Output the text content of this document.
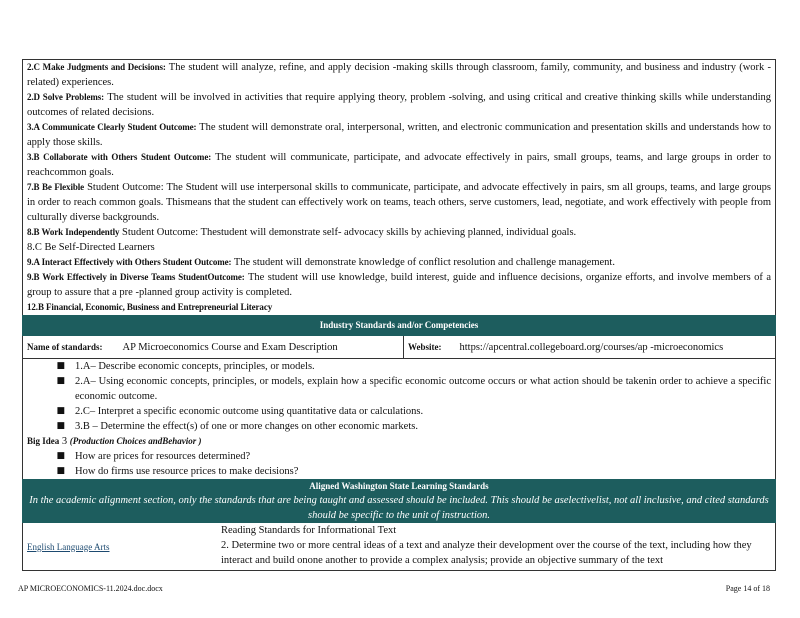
2.C Make Judgments and Decisions: The student will analyze, refine, and apply decision -making skills through classroom, family, community, and business and industry (work -related) experiences.
2.D Solve Problems: The student will be involved in activities that require applying theory, problem -solving, and using critical and creative thinking skills while understanding outcomes of related decisions.
3.A Communicate Clearly Student Outcome: The student will demonstrate oral, interpersonal, written, and electronic communication and presentation skills and understands how to apply those skills.
3.B Collaborate with Others Student Outcome: The student will communicate, participate, and advocate effectively in pairs, small groups, teams, and large groups in order to reachcommon goals.
7.B Be Flexible Student Outcome: The Student will use interpersonal skills to communicate, participate, and advocate effectively in pairs, sm all groups, teams, and large groups in order to reach common goals. Thismeans that the student can effectively work on teams, teach others, serve customers, lead, negotiate, and work effectively with people from culturally diverse backgrounds.
8.B Work Independently Student Outcome: Thestudent will demonstrate self- advocacy skills by achieving planned, individual goals.
8.C Be Self-Directed Learners
9.A Interact Effectively with Others Student Outcome: The student will demonstrate knowledge of conflict resolution and challenge management.
9.B Work Effectively in Diverse Teams StudentOutcome: The student will use knowledge, build interest, guide and influence decisions, organize efforts, and involve members of a group to assure that a pre -planned group activity is completed.
12.B Financial, Economic, Business and Entrepreneurial Literacy
Industry Standards and/or Competencies
Name of standards: AP Microeconomics Course and Exam Description	Website: https://apcentral.collegeboard.org/courses/ap -microeconomics
■ 1.A– Describe economic concepts, principles, or models.
■ 2.A– Using economic concepts, principles, or models, explain how a specific economic outcome occurs or what action should be takenin order to achieve a specific economic outcome.
■ 2.C– Interpret a specific economic outcome using quantitative data or calculations.
■ 3.B – Determine the effect(s) of one or more changes on other economic markets.
Big Idea 3 (Production Choices andBehavior )
■ How are prices for resources determined?
■ How do firms use resource prices to make decisions?
Aligned Washington State Learning Standards
In the academic alignment section, only the standards that are being taught and assessed should be included. This should be aselectivelist, not all inclusive, and cited standards should be specific to the unit of instruction.
English Language Arts
Reading Standards for Informational Text
2. Determine two or more central ideas of a text and analyze their development over the course of the text, including how they interact and build onone another to provide a complex analysis; provide an objective summary of the text
AP MICROECONOMICS-11.2024.doc.docx	Page 14 of 18
